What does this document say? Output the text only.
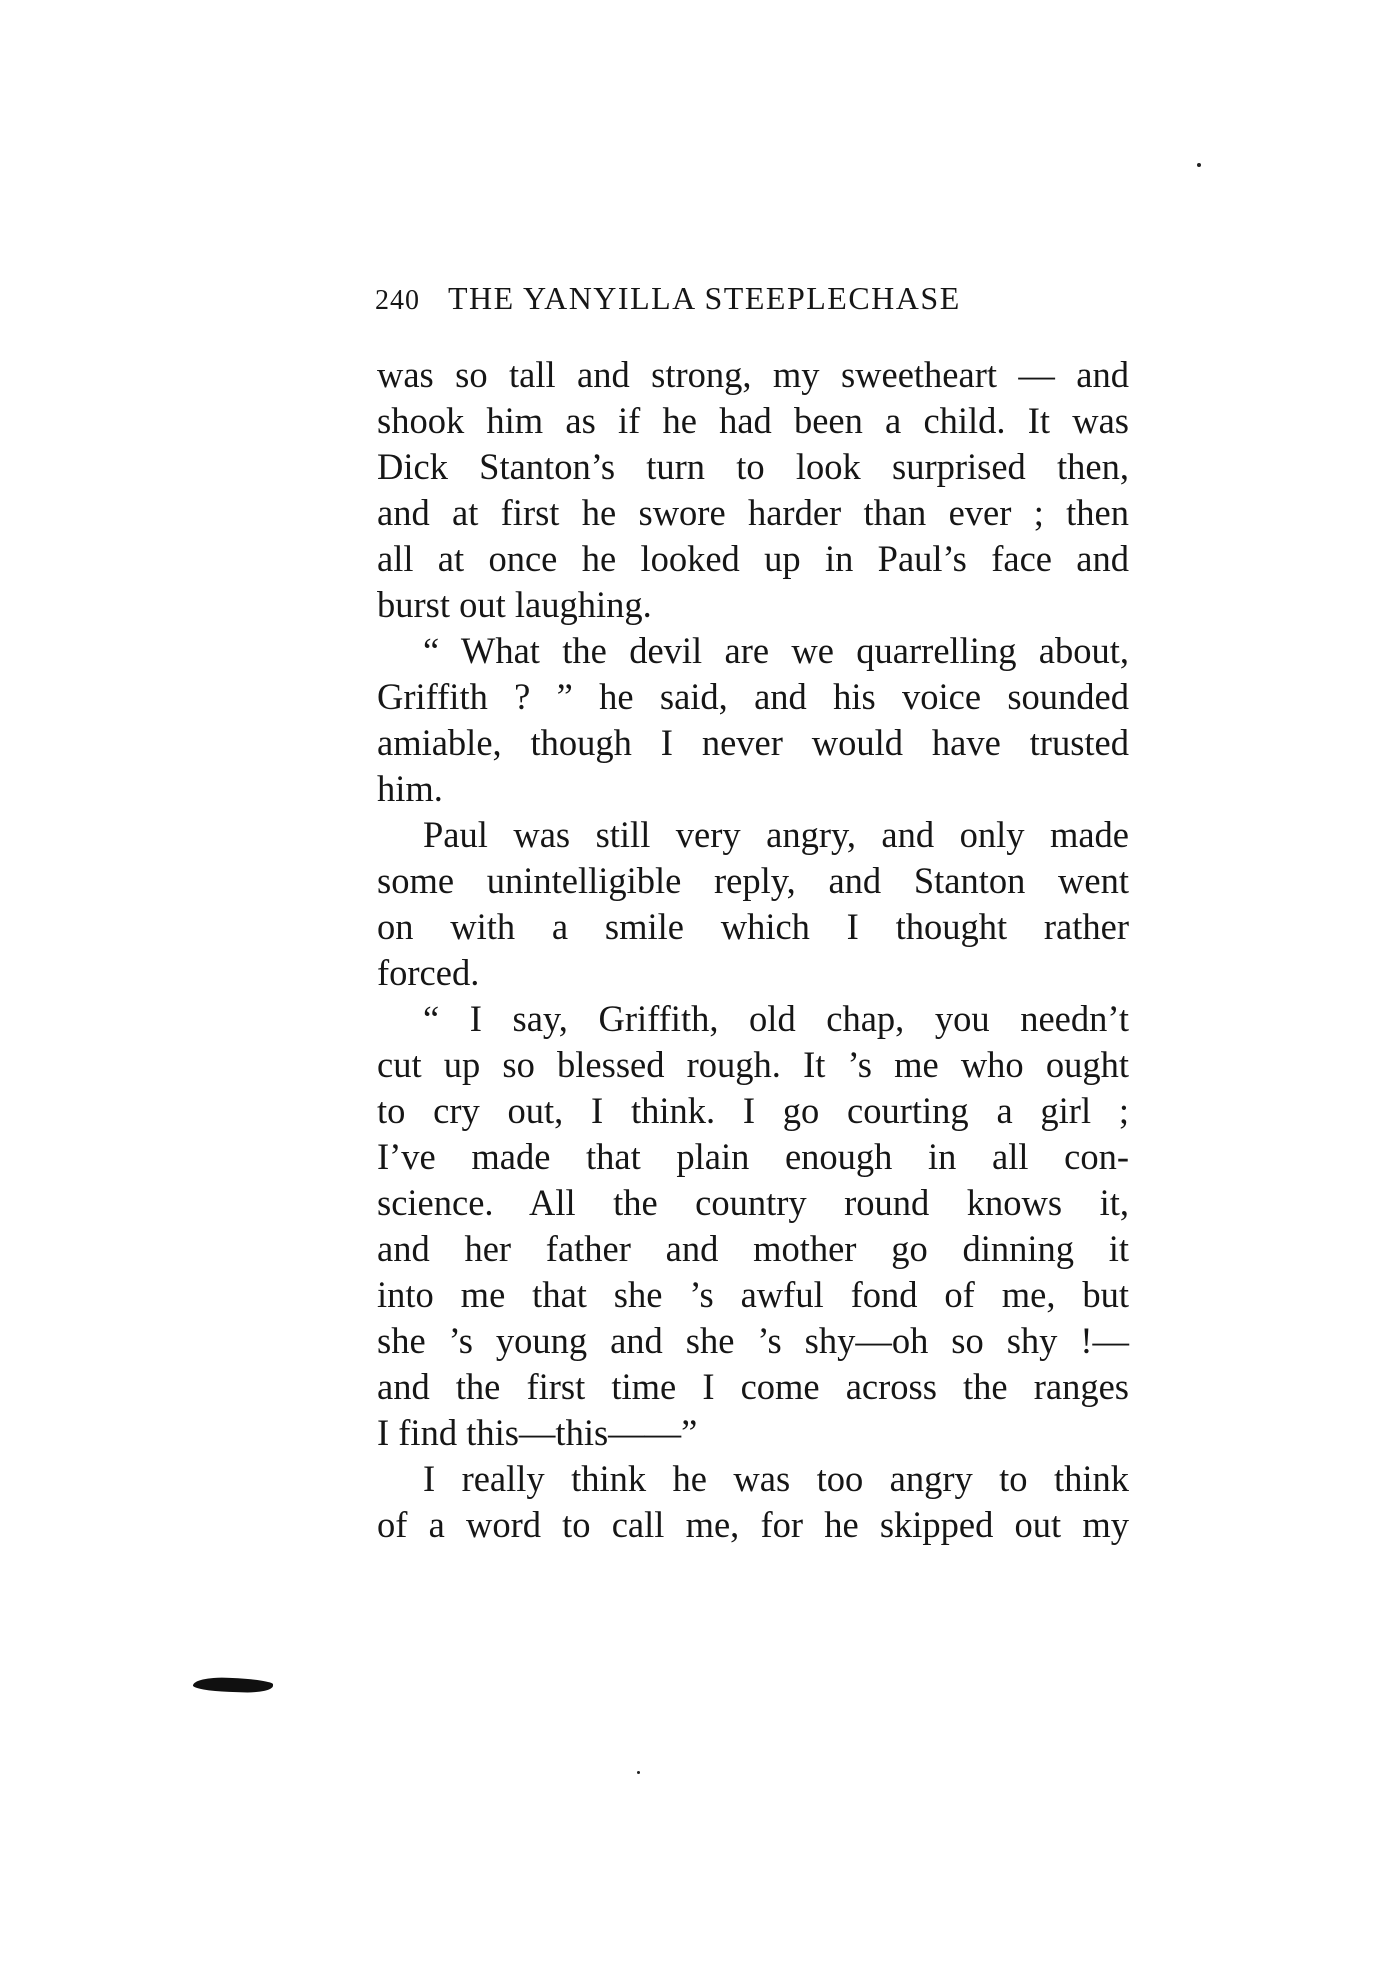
240 THE YANYILLA STEEPLECHASE
was so tall and strong, my sweetheart — and
shook him as if he had been a child. It was
Dick Stanton’s turn to look surprised then,
and at first he swore harder than ever ; then
all at once he looked up in Paul’s face and
burst out laughing.
“ What the devil are we quarrelling about,
Griffith ? ” he said, and his voice sounded
amiable, though I never would have trusted
him.
Paul was still very angry, and only made
some unintelligible reply, and Stanton went
on with a smile which I thought rather
forced.
“ I say, Griffith, old chap, you needn’t
cut up so blessed rough. It ’s me who ought
to cry out, I think. I go courting a girl ;
I’ve made that plain enough in all con-
science. All the country round knows it,
and her father and mother go dinning it
into me that she ’s awful fond of me, but
she ’s young and she ’s shy—oh so shy !—
and the first time I come across the ranges
I find this—this——”
I really think he was too angry to think
of a word to call me, for he skipped out my
